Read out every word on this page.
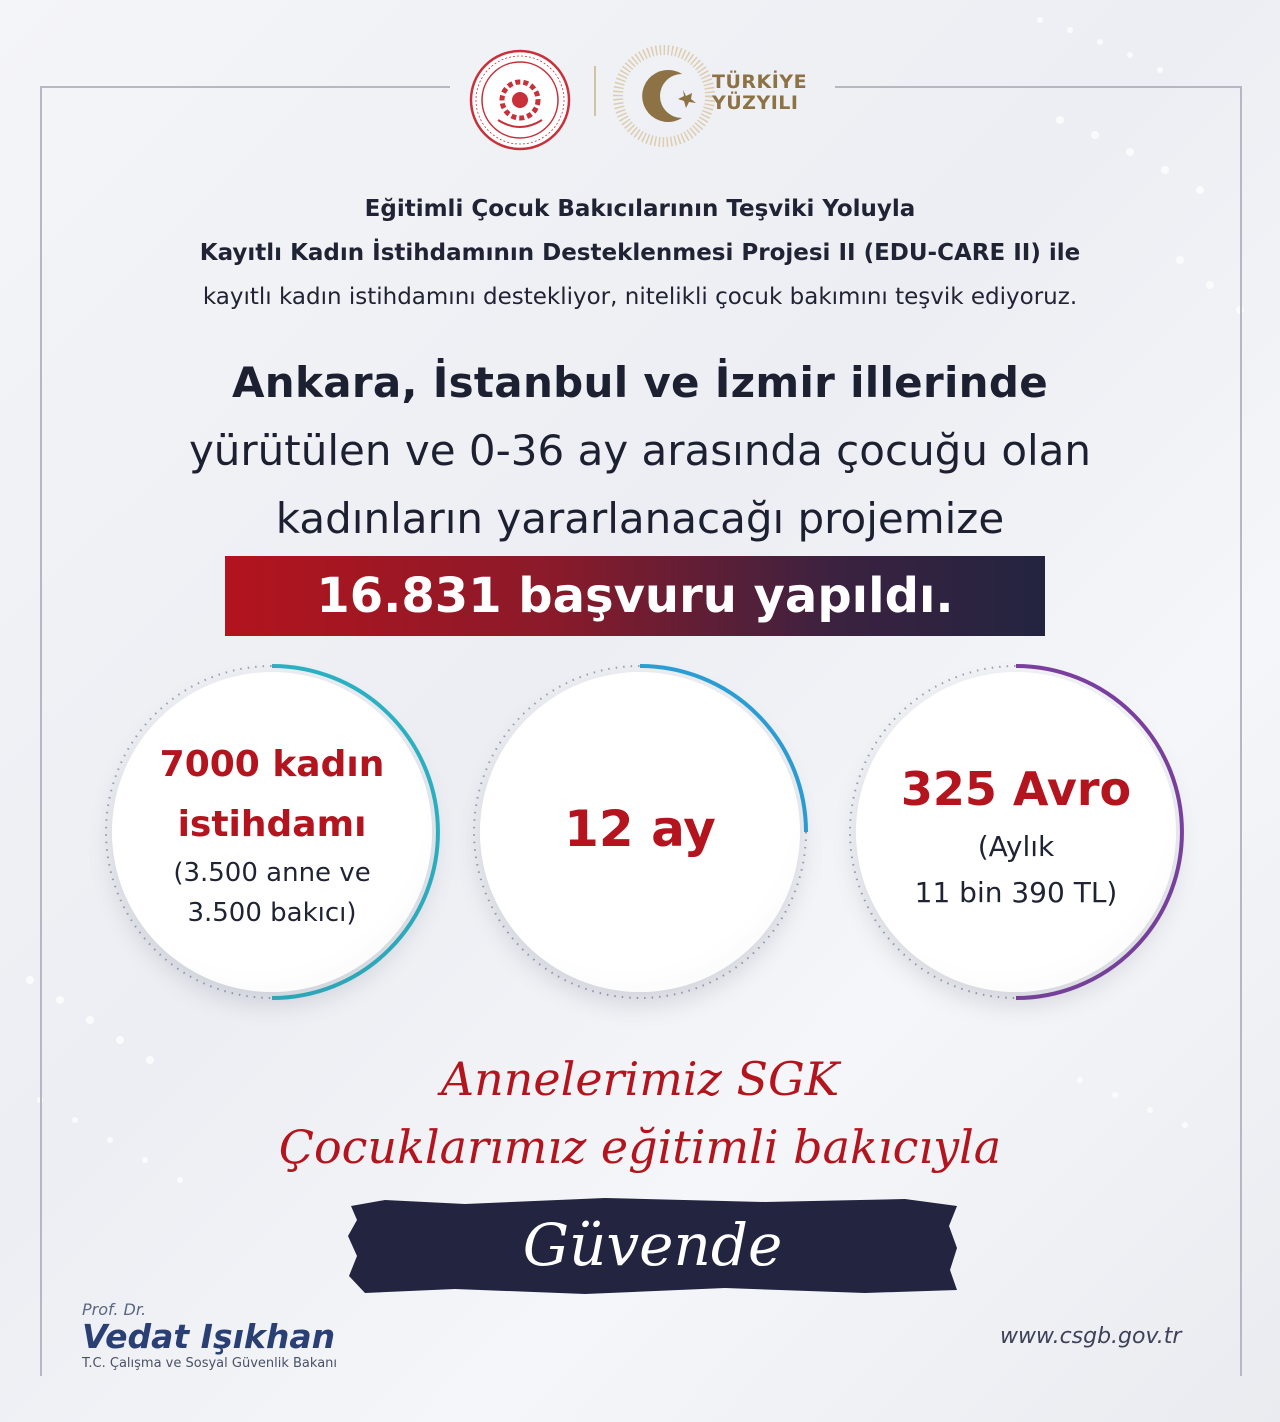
TÜRKİYE
YÜZYILI
Eğitimli Çocuk Bakıcılarının Teşviki Yoluyla
Kayıtlı Kadın İstihdamının Desteklenmesi Projesi II (EDU-CARE II) ile
kayıtlı kadın istihdamını destekliyor, nitelikli çocuk bakımını teşvik ediyoruz.
Ankara, İstanbul ve İzmir illerinde
yürütülen ve 0-36 ay arasında çocuğu olan
kadınların yararlanacağı projemize
16.831 başvuru yapıldı.
7000 kadın
istihdamı
(3.500 anne ve
3.500 bakıcı)
12 ay
325 Avro
(Aylık
11 bin 390 TL)
Annelerimiz SGK
Çocuklarımız eğitimli bakıcıyla
Güvende
Prof. Dr.
Vedat Işıkhan
T.C. Çalışma ve Sosyal Güvenlik Bakanı
www.csgb.gov.tr
